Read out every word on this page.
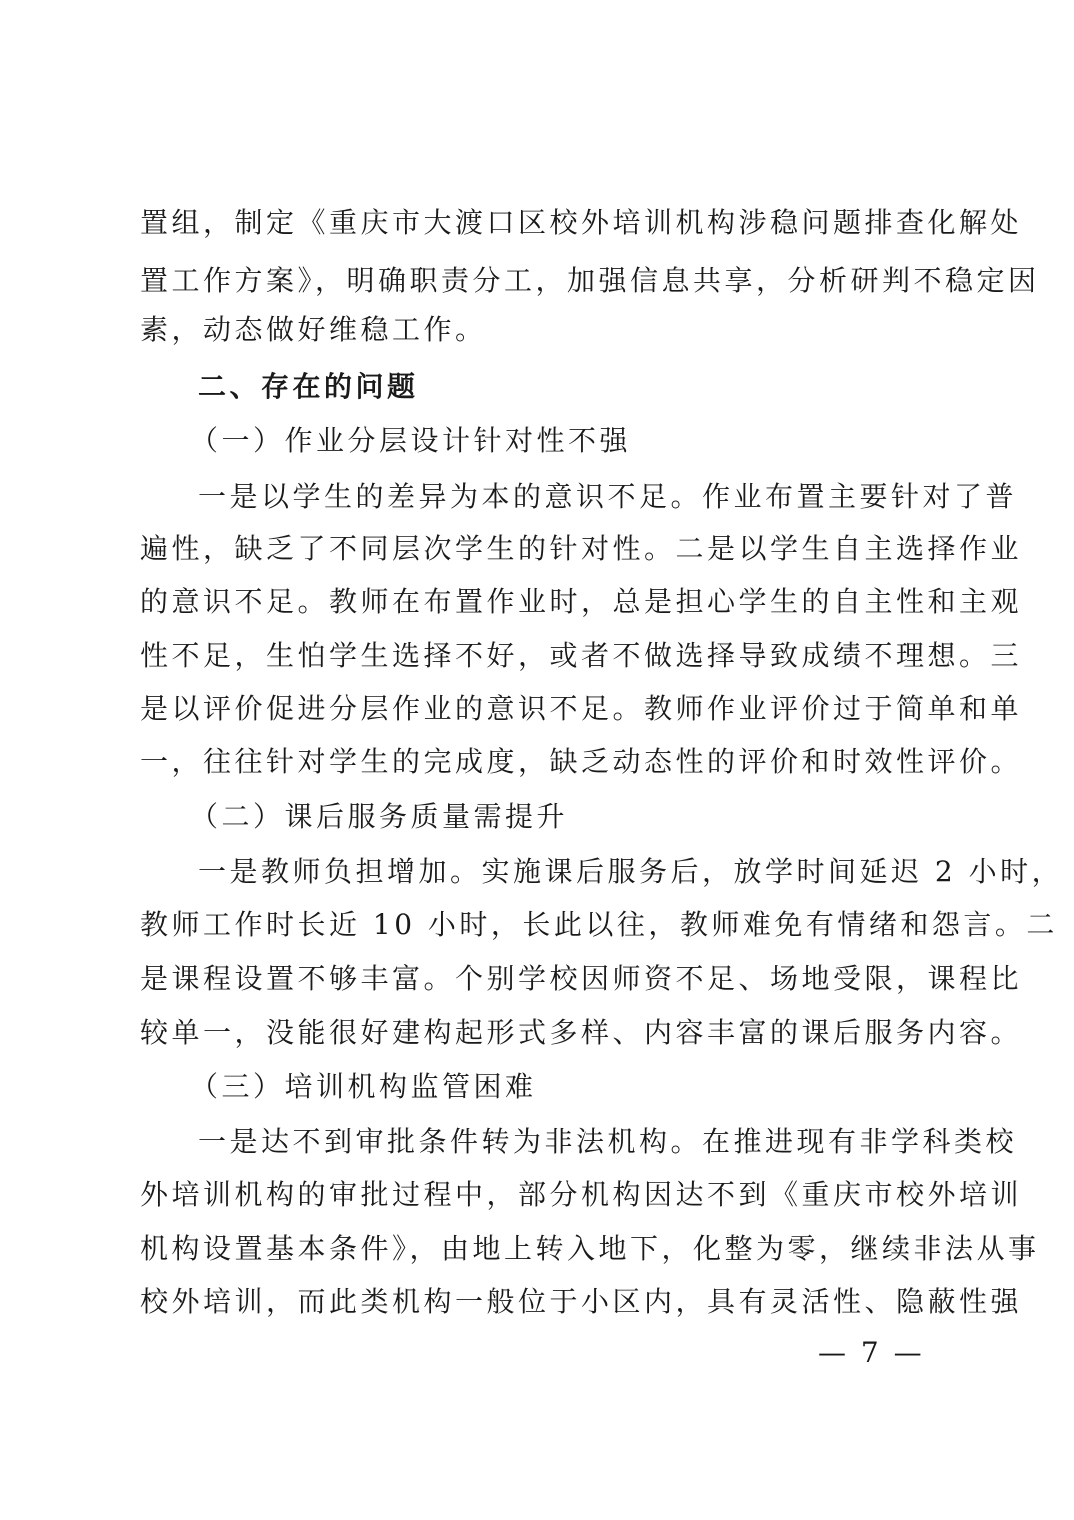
置组，制定《重庆市大渡口区校外培训机构涉稳问题排查化解处
置工作方案》，明确职责分工，加强信息共享，分析研判不稳定因
素，动态做好维稳工作。
二、存在的问题
（一）作业分层设计针对性不强
一是以学生的差异为本的意识不足。作业布置主要针对了普
遍性，缺乏了不同层次学生的针对性。二是以学生自主选择作业
的意识不足。教师在布置作业时，总是担心学生的自主性和主观
性不足，生怕学生选择不好，或者不做选择导致成绩不理想。三
是以评价促进分层作业的意识不足。教师作业评价过于简单和单
一，往往针对学生的完成度，缺乏动态性的评价和时效性评价。
（二）课后服务质量需提升
一是教师负担增加。实施课后服务后，放学时间延迟 2 小时，
教师工作时长近 10 小时，长此以往，教师难免有情绪和怨言。二
是课程设置不够丰富。个别学校因师资不足、场地受限，课程比
较单一，没能很好建构起形式多样、内容丰富的课后服务内容。
（三）培训机构监管困难
一是达不到审批条件转为非法机构。在推进现有非学科类校
外培训机构的审批过程中，部分机构因达不到《重庆市校外培训
机构设置基本条件》，由地上转入地下，化整为零，继续非法从事
校外培训，而此类机构一般位于小区内，具有灵活性、隐蔽性强
— 7 —
